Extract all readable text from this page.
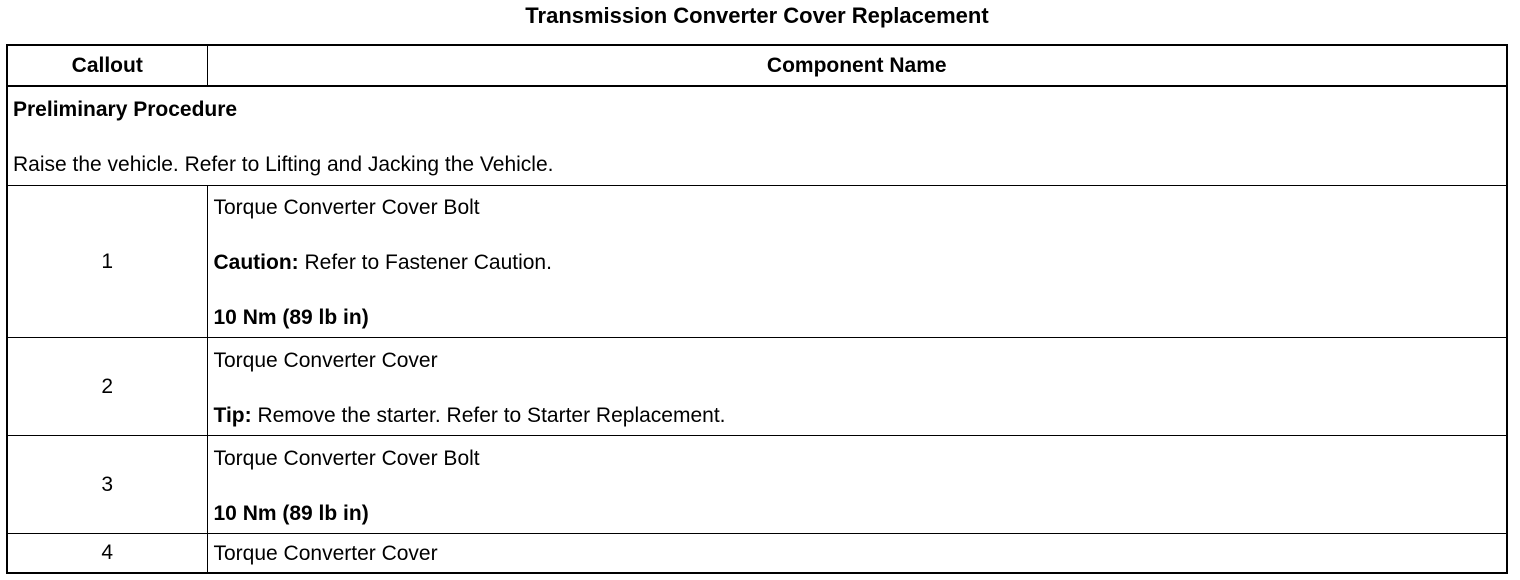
Transmission Converter Cover Replacement
Callout	Component Name

Preliminary Procedure
Raise the vehicle. Refer to Lifting and Jacking the Vehicle.	

1	Torque Converter Cover Bolt
Caution: Refer to Fastener Caution.
10 Nm (89 lb in)

2	Torque Converter Cover
Tip: Remove the starter. Refer to Starter Replacement.

3	Torque Converter Cover Bolt
10 Nm (89 lb in)

4	Torque Converter Cover
